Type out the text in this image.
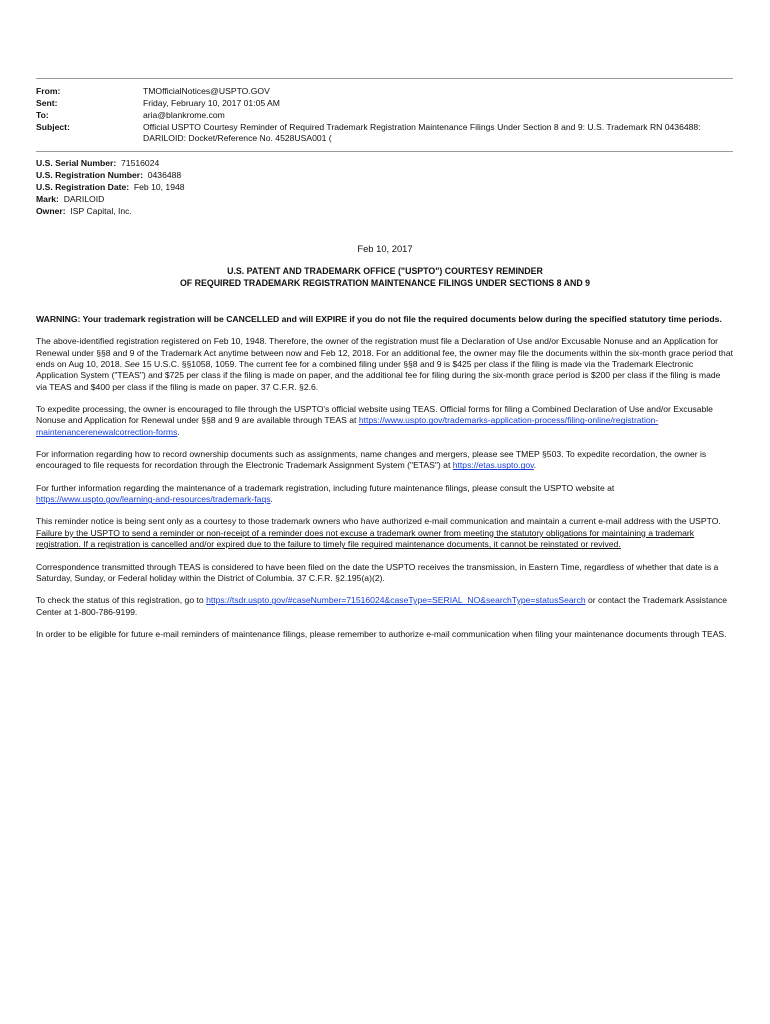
From:	TMOfficialNotices@USPTO.GOV
Sent:	Friday, February 10, 2017 01:05 AM
To:	aria@blankrome.com
Subject:	Official USPTO Courtesy Reminder of Required Trademark Registration Maintenance Filings Under Section 8 and 9: U.S. Trademark RN 0436488:
DARILOID: Docket/Reference No. 4528USA001 (
U.S. Serial Number: 71516024
U.S. Registration Number: 0436488
U.S. Registration Date: Feb 10, 1948
Mark: DARILOID
Owner: ISP Capital, Inc.
Feb 10, 2017
U.S. PATENT AND TRADEMARK OFFICE ("USPTO") COURTESY REMINDER
OF REQUIRED TRADEMARK REGISTRATION MAINTENANCE FILINGS UNDER SECTIONS 8 AND 9

WARNING: Your trademark registration will be CANCELLED and will EXPIRE if you do not file the required documents below during the specified statutory time periods.

The above-identified registration registered on Feb 10, 1948. Therefore, the owner of the registration must file a Declaration of Use and/or Excusable Nonuse and an Application for Renewal under §§8 and 9 of the Trademark Act anytime between now and Feb 12, 2018. For an additional fee, the owner may file the documents within the six-month grace period that ends on Aug 10, 2018. See 15 U.S.C. §§1058, 1059. The current fee for a combined filing under §§8 and 9 is $425 per class if the filing is made via the Trademark Electronic Application System ("TEAS") and $725 per class if the filing is made on paper, and the additional fee for filing during the six-month grace period is $200 per class if the filing is made via TEAS and $400 per class if the filing is made on paper. 37 C.F.R. §2.6.

To expedite processing, the owner is encouraged to file through the USPTO's official website using TEAS. Official forms for filing a Combined Declaration of Use and/or Excusable Nonuse and Application for Renewal under §§8 and 9 are available through TEAS at https://www.uspto.gov/trademarks-application-process/filing-online/registration-maintenancerenewalcorrection-forms.

For information regarding how to record ownership documents such as assignments, name changes and mergers, please see TMEP §503. To expedite recordation, the owner is encouraged to file requests for recordation through the Electronic Trademark Assignment System ("ETAS") at https://etas.uspto.gov.

For further information regarding the maintenance of a trademark registration, including future maintenance filings, please consult the USPTO website at https://www.uspto.gov/learning-and-resources/trademark-faqs.

This reminder notice is being sent only as a courtesy to those trademark owners who have authorized e-mail communication and maintain a current e-mail address with the USPTO. Failure by the USPTO to send a reminder or non-receipt of a reminder does not excuse a trademark owner from meeting the statutory obligations for maintaining a trademark registration. If a registration is cancelled and/or expired due to the failure to timely file required maintenance documents, it cannot be reinstated or revived.

Correspondence transmitted through TEAS is considered to have been filed on the date the USPTO receives the transmission, in Eastern Time, regardless of whether that date is a Saturday, Sunday, or Federal holiday within the District of Columbia. 37 C.F.R. §2.195(a)(2).

To check the status of this registration, go to https://tsdr.uspto.gov/#caseNumber=71516024&caseType=SERIAL_NO&searchType=statusSearch or contact the Trademark Assistance Center at 1-800-786-9199.

In order to be eligible for future e-mail reminders of maintenance filings, please remember to authorize e-mail communication when filing your maintenance documents through TEAS.
